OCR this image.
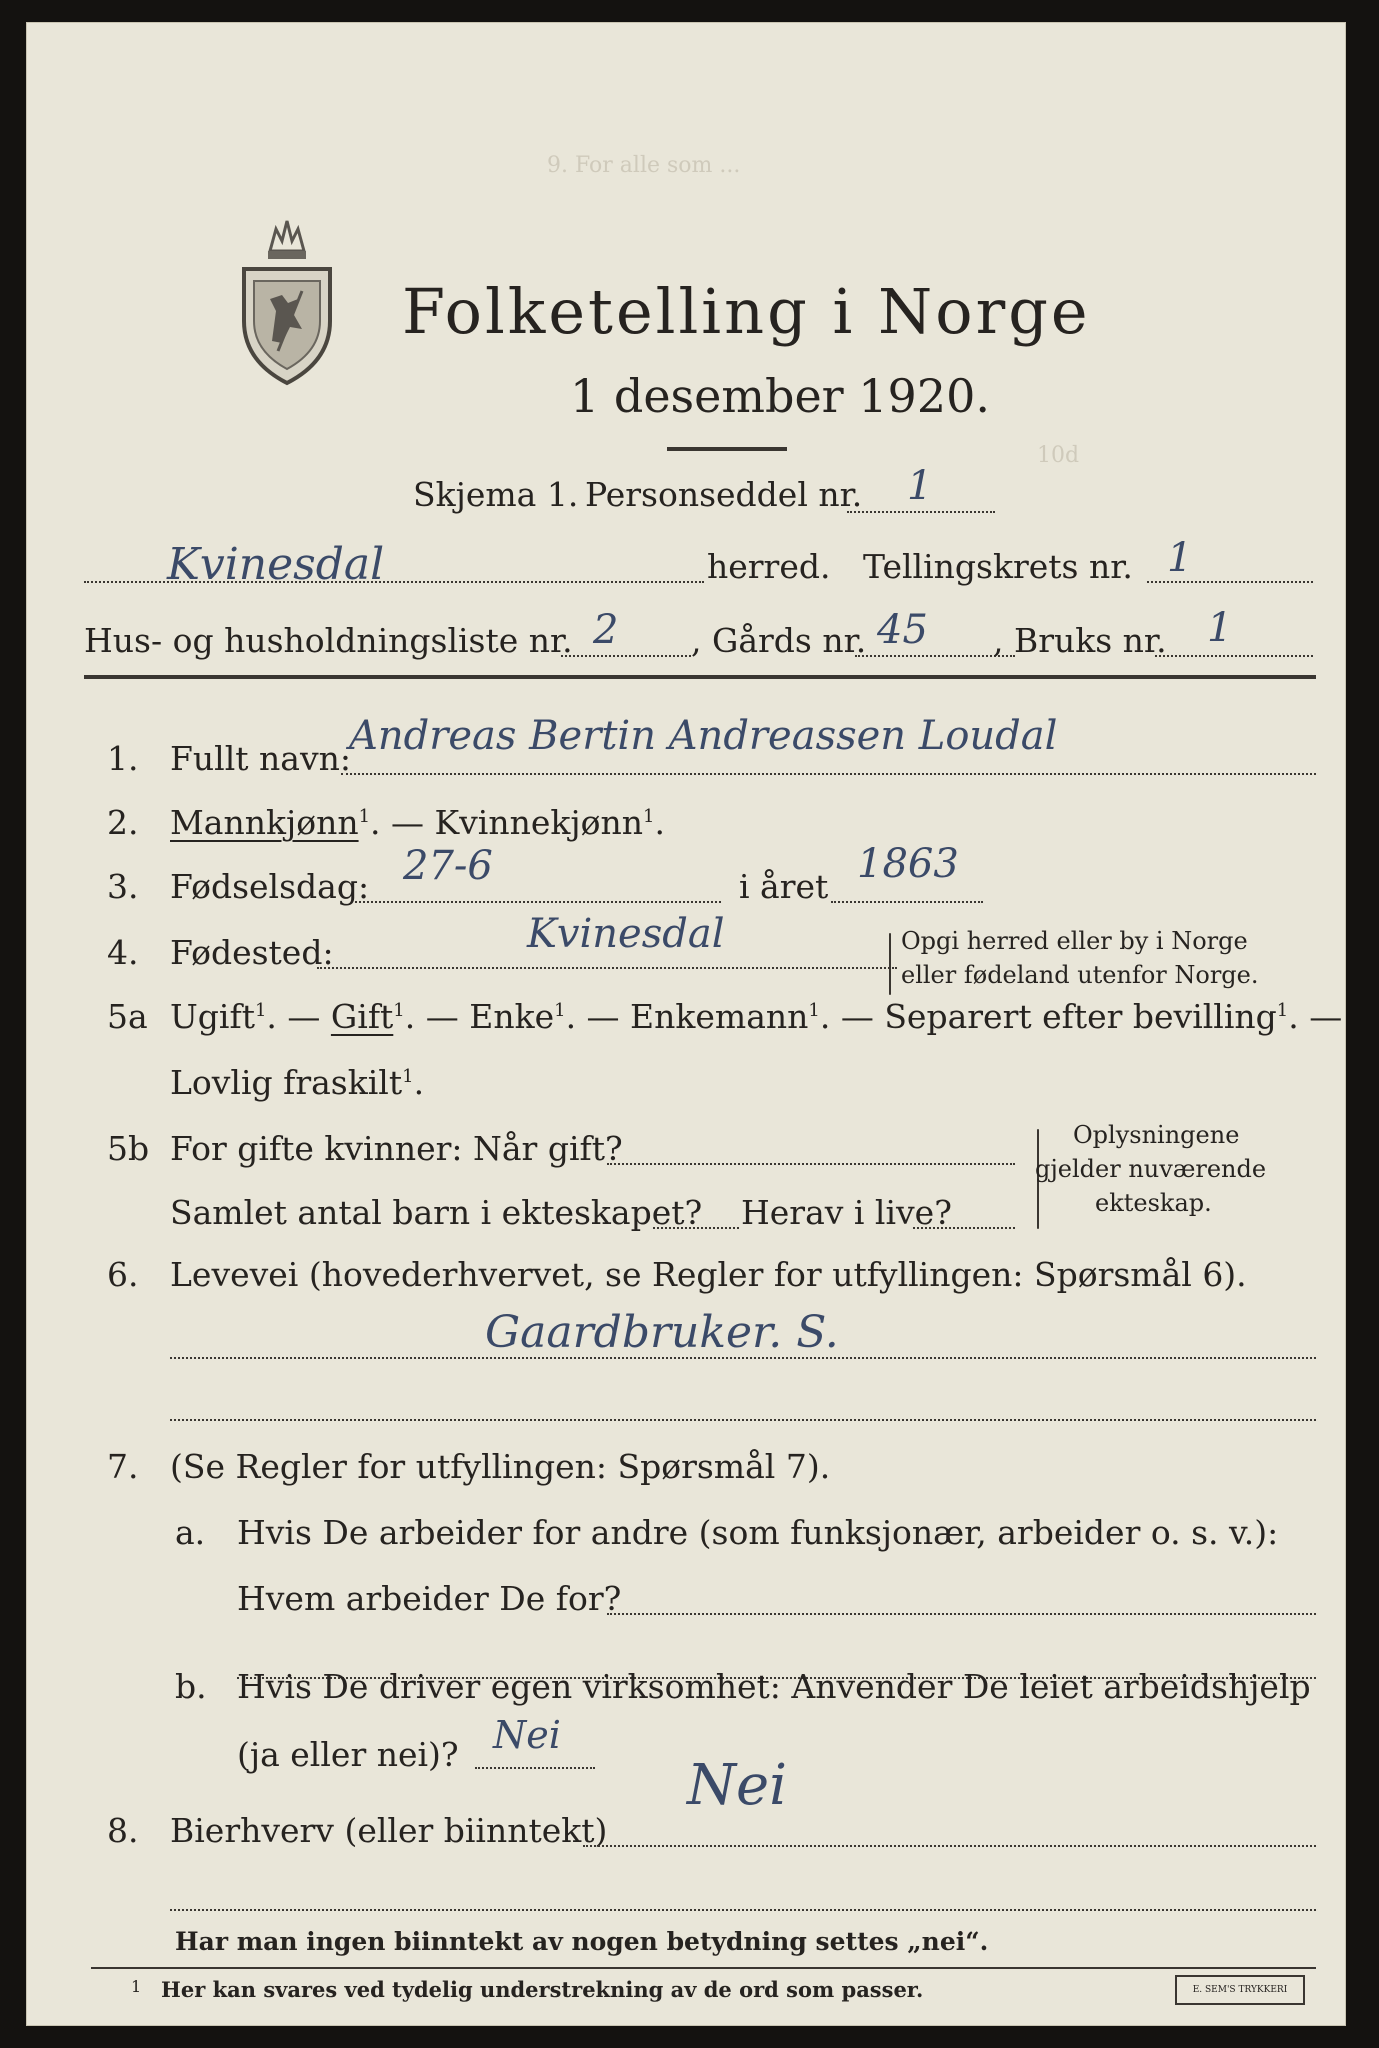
9. For alle som ...
10d
Folketelling i Norge
1 desember 1920.
Skjema 1. Personseddel nr. 1
Kvinesdal	herred. Tellingskrets nr. 1
Hus- og husholdningsliste nr. 2 , Gårds nr. 45 , Bruks nr. 1
1. Fullt navn:
Andreas Bertin Andreassen Loudal
2. Mannkjønn$^1$. — Kvinnekjønn$^1$.
3. Fødselsdag: 27-6	i året 1863
4. Fødested:	Kvinesdal	Opgi herred eller by i Norge
eller fødeland utenfor Norge.
5a Ugift$^1$. — Gift$^1$. — Enke$^1$. — Enkemann$^1$. — Separert efter bevilling$^1$. —
Lovlig fraskilt$^1$.
5b For gifte kvinner: Når gift?
Samlet antal barn i ekteskapet? Herav i live?
Oplysningene
gjelder nuværende
ekteskap.
6. Levevei (hovederhvervet, se Regler for utfyllingen: Spørsmål 6).
Gaardbruker. S.
7. (Se Regler for utfyllingen: Spørsmål 7).
a. Hvis De arbeider for andre (som funksjonær, arbeider o. s. v.):
Hvem arbeider De for?
b. Hvis De driver egen virksomhet: Anvender De leiet arbeidshjelp
(ja eller nei)? Nei
Nei
8. Bierhverv (eller biinntekt)
Har man ingen biinntekt av nogen betydning settes „nei“.
1 Her kan svares ved tydelig understrekning av de ord som passer.	E. SEM'S TRYKKERI
